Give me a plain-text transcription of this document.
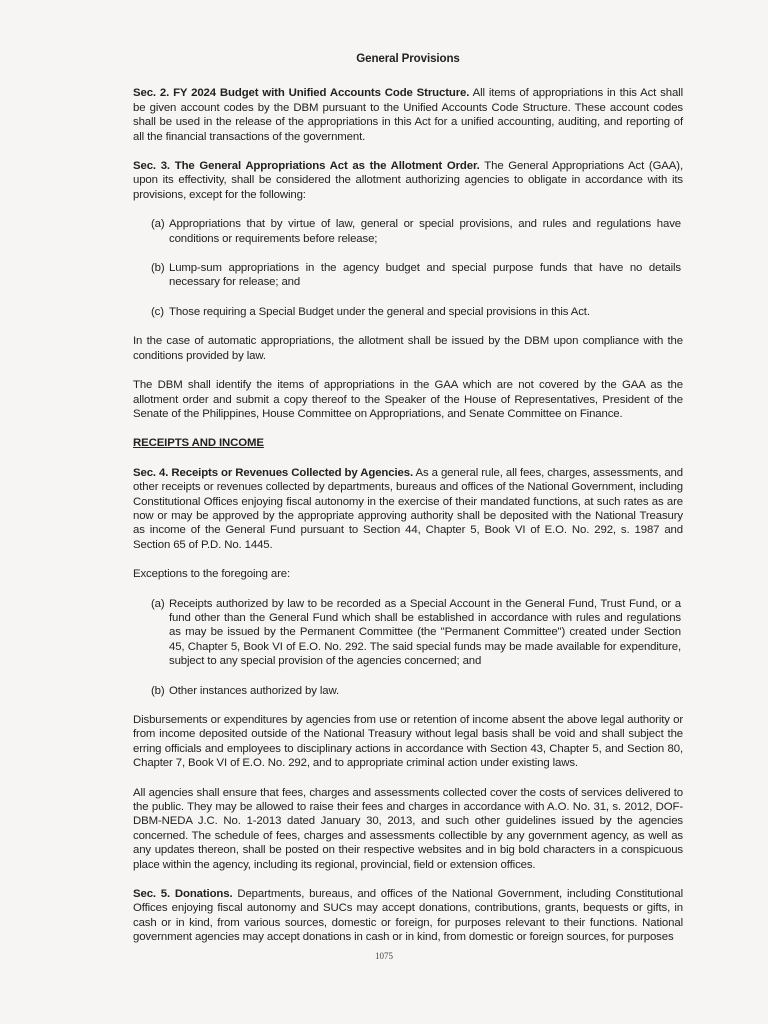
General Provisions

Sec. 2. FY 2024 Budget with Unified Accounts Code Structure. All items of appropriations in this Act shall be given account codes by the DBM pursuant to the Unified Accounts Code Structure. These account codes shall be used in the release of the appropriations in this Act for a unified accounting, auditing, and reporting of all the financial transactions of the government.

Sec. 3. The General Appropriations Act as the Allotment Order. The General Appropriations Act (GAA), upon its effectivity, shall be considered the allotment authorizing agencies to obligate in accordance with its provisions, except for the following:

(a) Appropriations that by virtue of law, general or special provisions, and rules and regulations have conditions or requirements before release;
(b) Lump-sum appropriations in the agency budget and special purpose funds that have no details necessary for release; and
(c) Those requiring a Special Budget under the general and special provisions in this Act.

In the case of automatic appropriations, the allotment shall be issued by the DBM upon compliance with the conditions provided by law.

The DBM shall identify the items of appropriations in the GAA which are not covered by the GAA as the allotment order and submit a copy thereof to the Speaker of the House of Representatives, President of the Senate of the Philippines, House Committee on Appropriations, and Senate Committee on Finance.

RECEIPTS AND INCOME

Sec. 4. Receipts or Revenues Collected by Agencies. As a general rule, all fees, charges, assessments, and other receipts or revenues collected by departments, bureaus and offices of the National Government, including Constitutional Offices enjoying fiscal autonomy in the exercise of their mandated functions, at such rates as are now or may be approved by the appropriate approving authority shall be deposited with the National Treasury as income of the General Fund pursuant to Section 44, Chapter 5, Book VI of E.O. No. 292, s. 1987 and Section 65 of P.D. No. 1445.

Exceptions to the foregoing are:

(a) Receipts authorized by law to be recorded as a Special Account in the General Fund, Trust Fund, or a fund other than the General Fund which shall be established in accordance with rules and regulations as may be issued by the Permanent Committee (the "Permanent Committee") created under Section 45, Chapter 5, Book VI of E.O. No. 292. The said special funds may be made available for expenditure, subject to any special provision of the agencies concerned; and
(b) Other instances authorized by law.

Disbursements or expenditures by agencies from use or retention of income absent the above legal authority or from income deposited outside of the National Treasury without legal basis shall be void and shall subject the erring officials and employees to disciplinary actions in accordance with Section 43, Chapter 5, and Section 80, Chapter 7, Book VI of E.O. No. 292, and to appropriate criminal action under existing laws.

All agencies shall ensure that fees, charges and assessments collected cover the costs of services delivered to the public. They may be allowed to raise their fees and charges in accordance with A.O. No. 31, s. 2012, DOF-DBM-NEDA J.C. No. 1-2013 dated January 30, 2013, and such other guidelines issued by the agencies concerned. The schedule of fees, charges and assessments collectible by any government agency, as well as any updates thereon, shall be posted on their respective websites and in big bold characters in a conspicuous place within the agency, including its regional, provincial, field or extension offices.

Sec. 5. Donations. Departments, bureaus, and offices of the National Government, including Constitutional Offices enjoying fiscal autonomy and SUCs may accept donations, contributions, grants, bequests or gifts, in cash or in kind, from various sources, domestic or foreign, for purposes relevant to their functions. National government agencies may accept donations in cash or in kind, from domestic or foreign sources, for purposes

1075
